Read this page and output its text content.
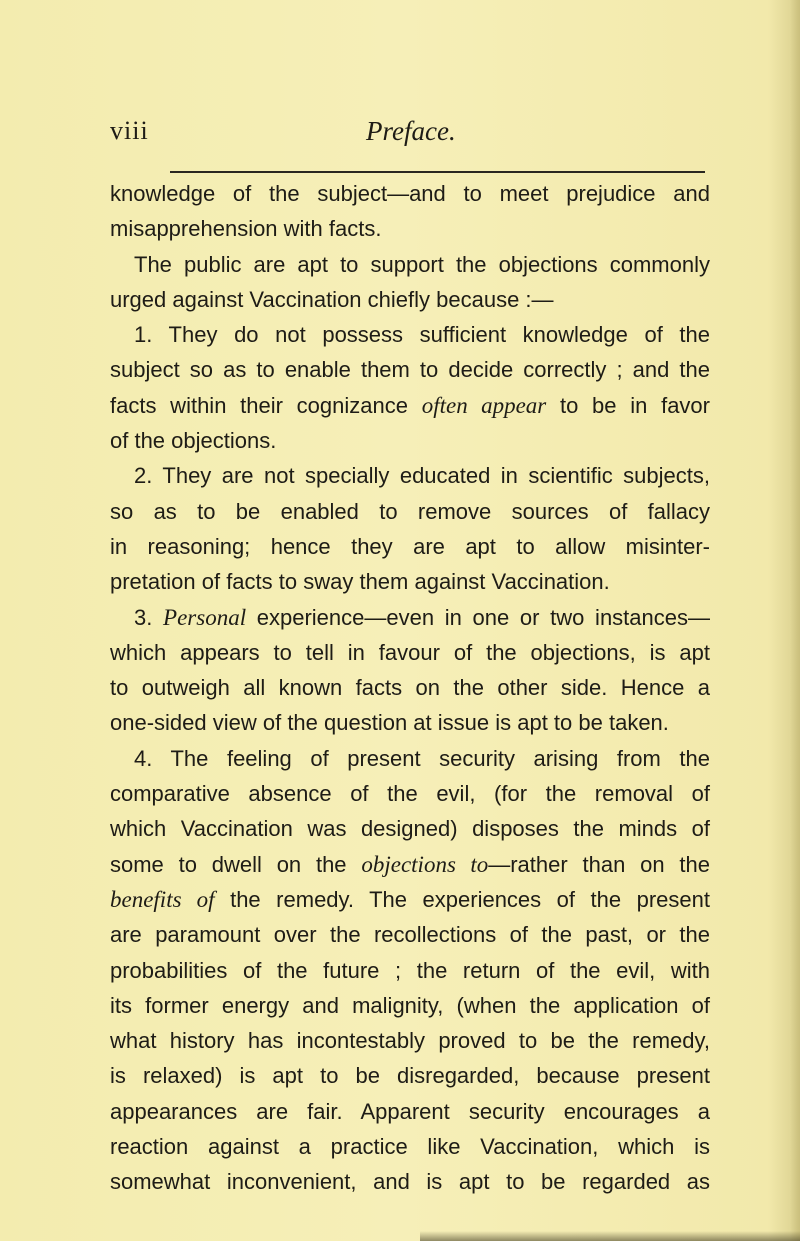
viii	Preface.
knowledge of the subject—and to meet prejudice and
misapprehension with facts.
The public are apt to support the objections commonly
urged against Vaccination chiefly because :—
1. They do not possess sufficient knowledge of the
subject so as to enable them to decide correctly ; and the
facts within their cognizance often appear to be in favor
of the objections.
2. They are not specially educated in scientific subjects,
so as to be enabled to remove sources of fallacy
in reasoning; hence they are apt to allow misinter-
pretation of facts to sway them against Vaccination.
3. Personal experience—even in one or two instances—
which appears to tell in favour of the objections, is apt
to outweigh all known facts on the other side. Hence a
one-sided view of the question at issue is apt to be taken.
4. The feeling of present security arising from the
comparative absence of the evil, (for the removal of
which Vaccination was designed) disposes the minds of
some to dwell on the objections to—rather than on the
benefits of the remedy. The experiences of the present
are paramount over the recollections of the past, or the
probabilities of the future ; the return of the evil, with
its former energy and malignity, (when the application of
what history has incontestably proved to be the remedy,
is relaxed) is apt to be disregarded, because present
appearances are fair. Apparent security encourages a
reaction against a practice like Vaccination, which is
somewhat inconvenient, and is apt to be regarded as
